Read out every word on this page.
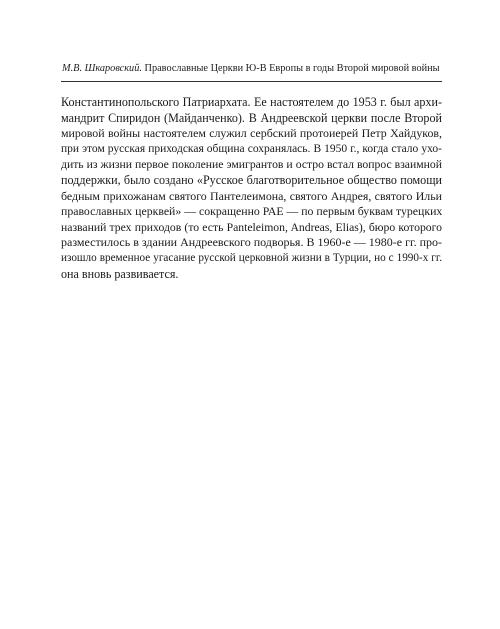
М.В. Шкаровский. Православные Церкви Ю-В Европы в годы Второй мировой войны
Константинопольского Патриархата. Ее настоятелем до 1953 г. был архи-
мандрит Спиридон (Майданченко). В Андреевской церкви после Второй
мировой войны настоятелем служил сербский протоиерей Петр Хайдуков,
при этом русская приходская община сохранялась. В 1950 г., когда стало ухо-
дить из жизни первое поколение эмигрантов и остро встал вопрос взаимной
поддержки, было создано «Русское благотворительное общество помощи
бедным прихожанам святого Пантелеимона, святого Андрея, святого Ильи
православных церквей» — сокращенно РАЕ — по первым буквам турецких
названий трех приходов (то есть Panteleimon, Andreas, Elias), бюро которого
разместилось в здании Андреевского подворья. В 1960-е — 1980-е гг. про-
изошло временное угасание русской церковной жизни в Турции, но с 1990-х гг.
она вновь развивается.
